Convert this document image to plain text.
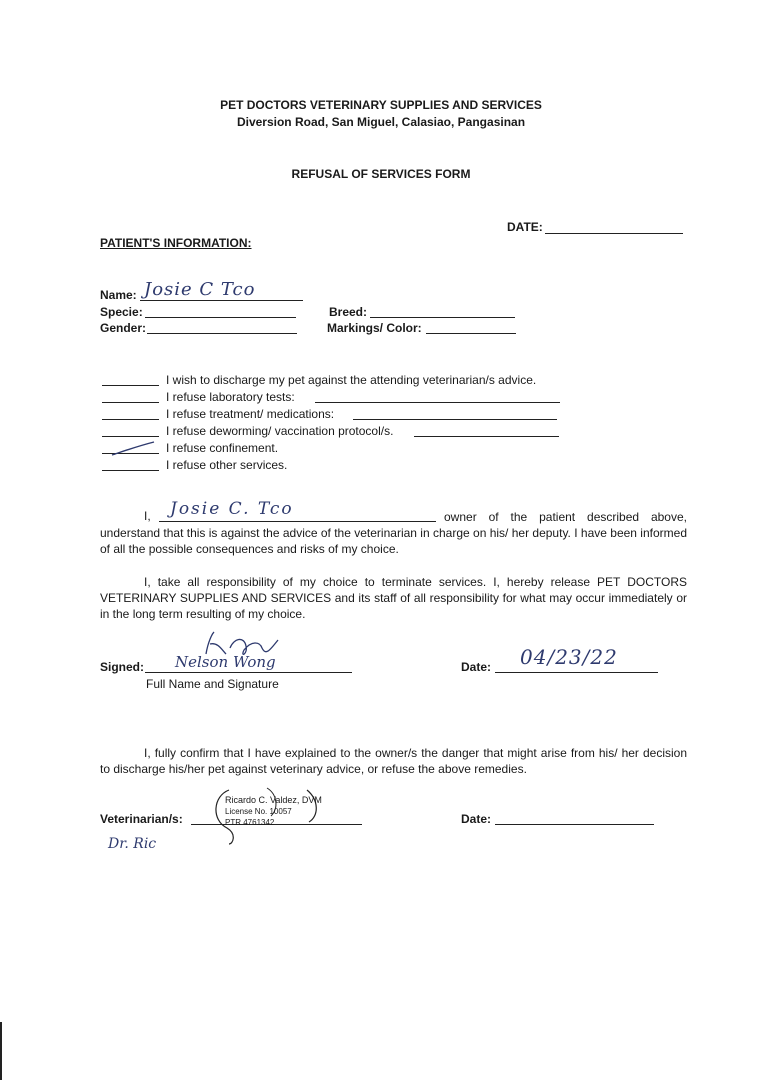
PET DOCTORS VETERINARY SUPPLIES AND SERVICES
Diversion Road, San Miguel, Calasiao, Pangasinan
REFUSAL OF SERVICES FORM
DATE:
PATIENT'S INFORMATION:
Name: Josie C Tco
Specie:	Breed:
Gender:	Markings/ Color:
I wish to discharge my pet against the attending veterinarian/s advice.
I refuse laboratory tests:
I refuse treatment/ medications:
I refuse deworming/ vaccination protocol/s.
I refuse confinement.
I refuse other services.
I, Josie C. Tco	owner of the patient described above, understand that this is against the advice of the veterinarian in charge on his/ her deputy. I have been informed of all the possible consequences and risks of my choice.
I, take all responsibility of my choice to terminate services. I, hereby release PET DOCTORS VETERINARY SUPPLIES AND SERVICES and its staff of all responsibility for what may occur immediately or in the long term resulting of my choice.
Signed: Nelson Wong
Full Name and Signature
Date: 04/23/22
I, fully confirm that I have explained to the owner/s the danger that might arise from his/ her decision to discharge his/her pet against veterinary advice, or refuse the above remedies.
Veterinarian/s:
Ricardo C. Valdez, DVM
License No. 10057
PTR 4761342
Dr. Ric
Date:
